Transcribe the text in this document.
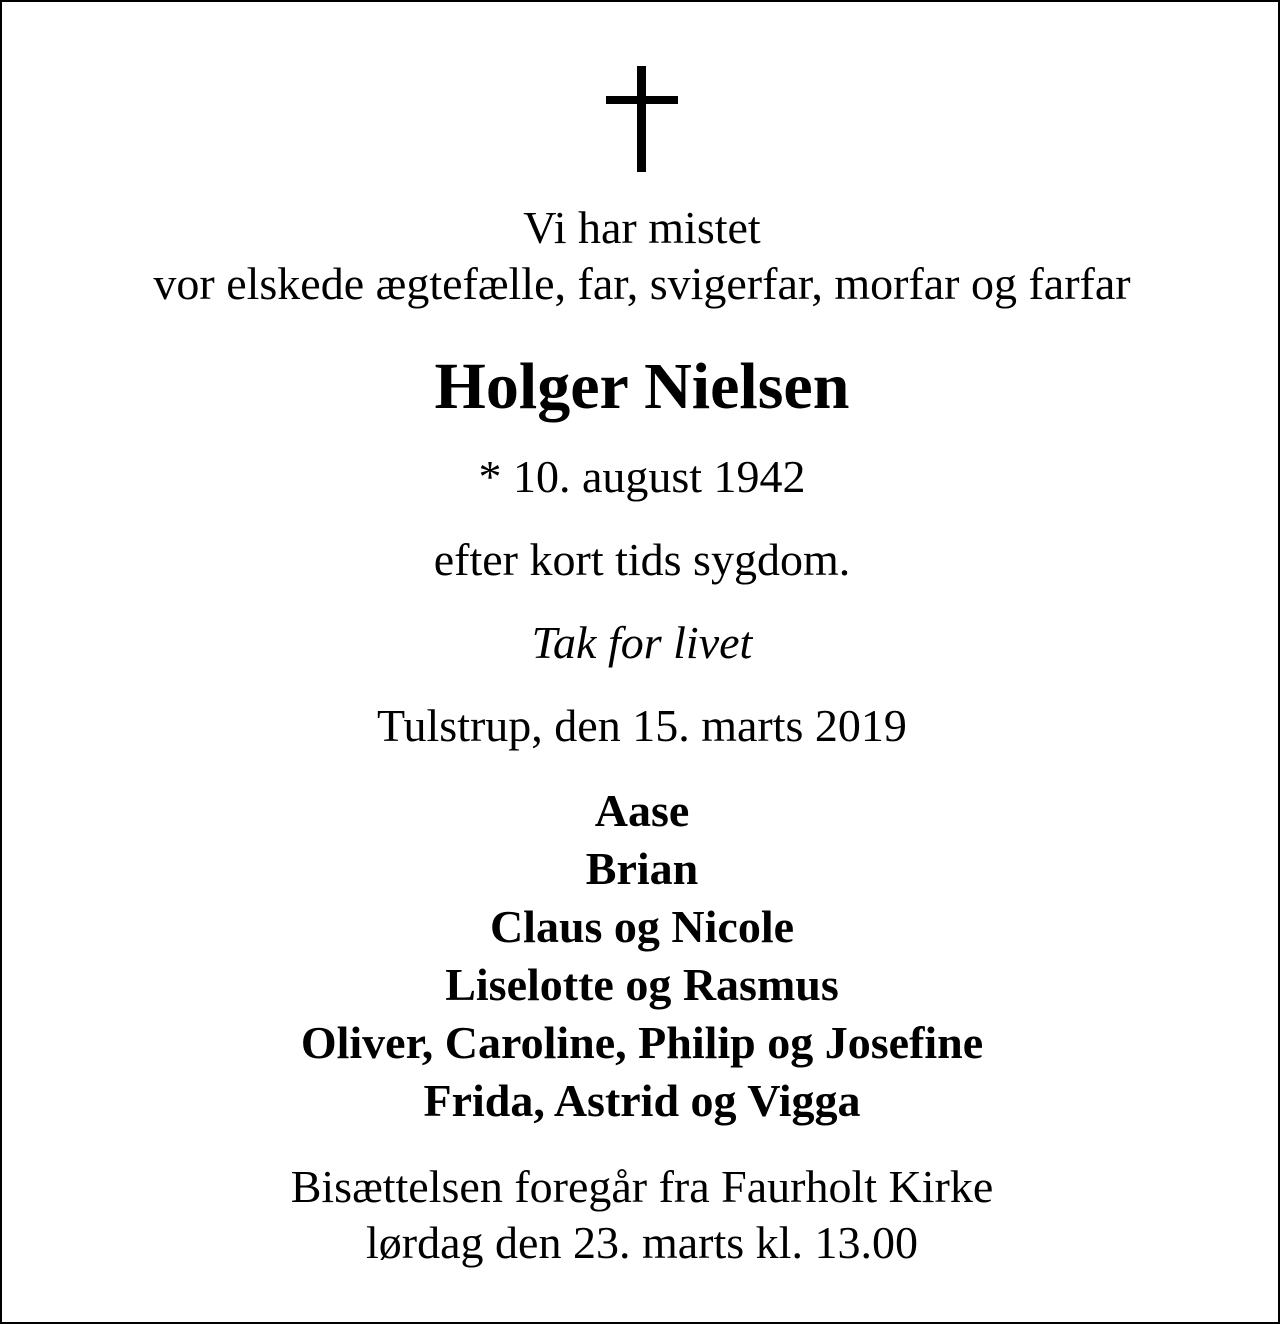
Vi har mistet
vor elskede ægtefælle, far, svigerfar, morfar og farfar
Holger Nielsen
* 10. august 1942
efter kort tids sygdom.
Tak for livet
Tulstrup, den 15. marts 2019
Aase
Brian
Claus og Nicole
Liselotte og Rasmus
Oliver, Caroline, Philip og Josefine
Frida, Astrid og Vigga
Bisættelsen foregår fra Faurholt Kirke
lørdag den 23. marts kl. 13.00
